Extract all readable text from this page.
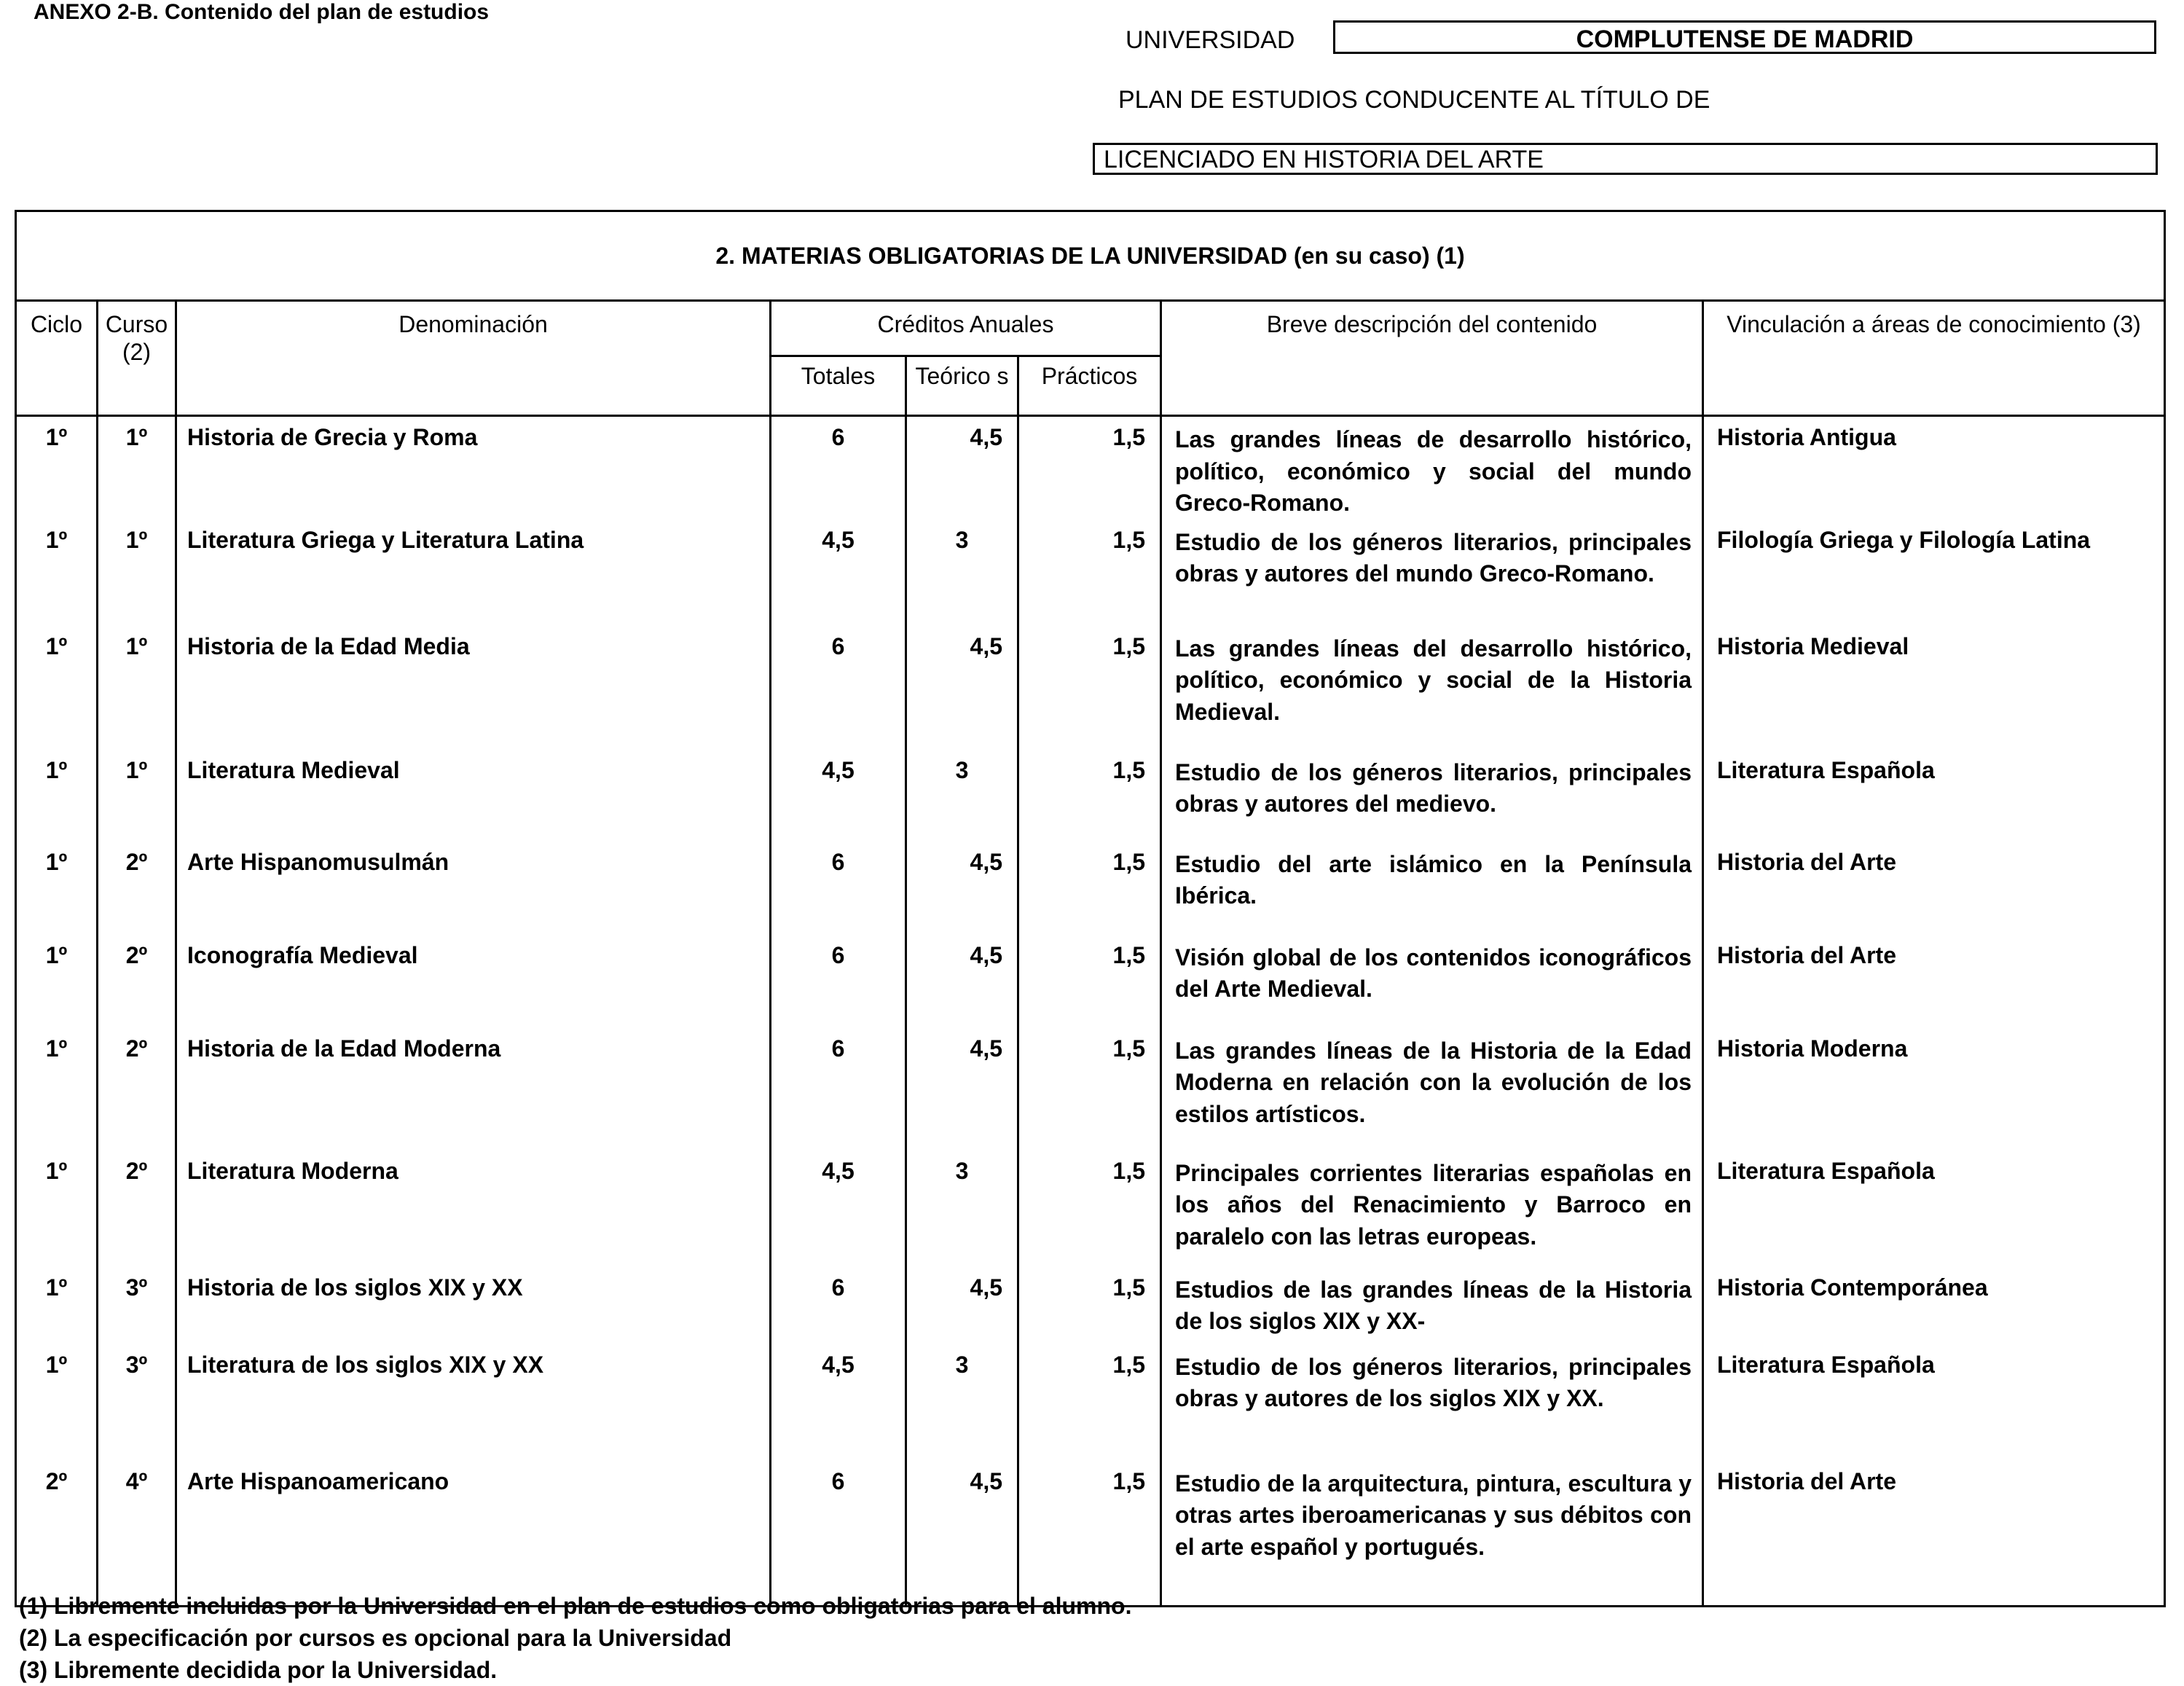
ANEXO 2-B. Contenido del plan de estudios
UNIVERSIDAD	COMPLUTENSE DE MADRID
PLAN DE ESTUDIOS CONDUCENTE AL TÍTULO DE
LICENCIADO EN HISTORIA DEL ARTE
2. MATERIAS OBLIGATORIAS DE LA UNIVERSIDAD (en su caso) (1)							
Ciclo	Curso (2)	Denominación	Créditos Anuales			Breve descripción del contenido	Vinculación a áreas de conocimiento (3)
			Totales	Teórico s	Prácticos		
1º	1º	Historia de Grecia y Roma	6	4,5	1,5	Las grandes líneas de desarrollo histórico, político, económico y social del mundo Greco-Romano.	Historia Antigua
1º	1º	Literatura Griega y Literatura Latina	4,5	3	1,5	Estudio de los géneros literarios, principales obras y autores del mundo Greco-Romano.	Filología Griega y Filología Latina
1º	1º	Historia de la Edad Media	6	4,5	1,5	Las grandes líneas del desarrollo histórico, político, económico y social de la Historia Medieval.	Historia Medieval
1º	1º	Literatura Medieval	4,5	3	1,5	Estudio de los géneros literarios, principales obras y autores del medievo.	Literatura Española
1º	2º	Arte Hispanomusulmán	6	4,5	1,5	Estudio del arte islámico en la Península Ibérica.	Historia del Arte
1º	2º	Iconografía Medieval	6	4,5	1,5	Visión global de los contenidos iconográficos del Arte Medieval.	Historia del Arte
1º	2º	Historia de la Edad Moderna	6	4,5	1,5	Las grandes líneas de la Historia de la Edad Moderna en relación con la evolución de los estilos artísticos.	Historia Moderna
1º	2º	Literatura Moderna	4,5	3	1,5	Principales corrientes literarias españolas en los años del Renacimiento y Barroco en paralelo con las letras europeas.	Literatura Española
1º	3º	Historia de los siglos XIX y XX	6	4,5	1,5	Estudios de las grandes líneas de la Historia de los siglos XIX y XX-	Historia Contemporánea
1º	3º	Literatura de los siglos XIX y XX	4,5	3	1,5	Estudio de los géneros literarios, principales obras y autores de los siglos XIX y XX.	Literatura Española
2º	4º	Arte Hispanoamericano	6	4,5	1,5	Estudio de la arquitectura, pintura, escultura y otras artes iberoamericanas y sus débitos con el arte español y portugués.	Historia del Arte
(1) Libremente incluidas por la Universidad en el plan de estudios como obligatorias para el alumno.
(2) La especificación por cursos es opcional para la Universidad
(3) Libremente decidida por la Universidad.
